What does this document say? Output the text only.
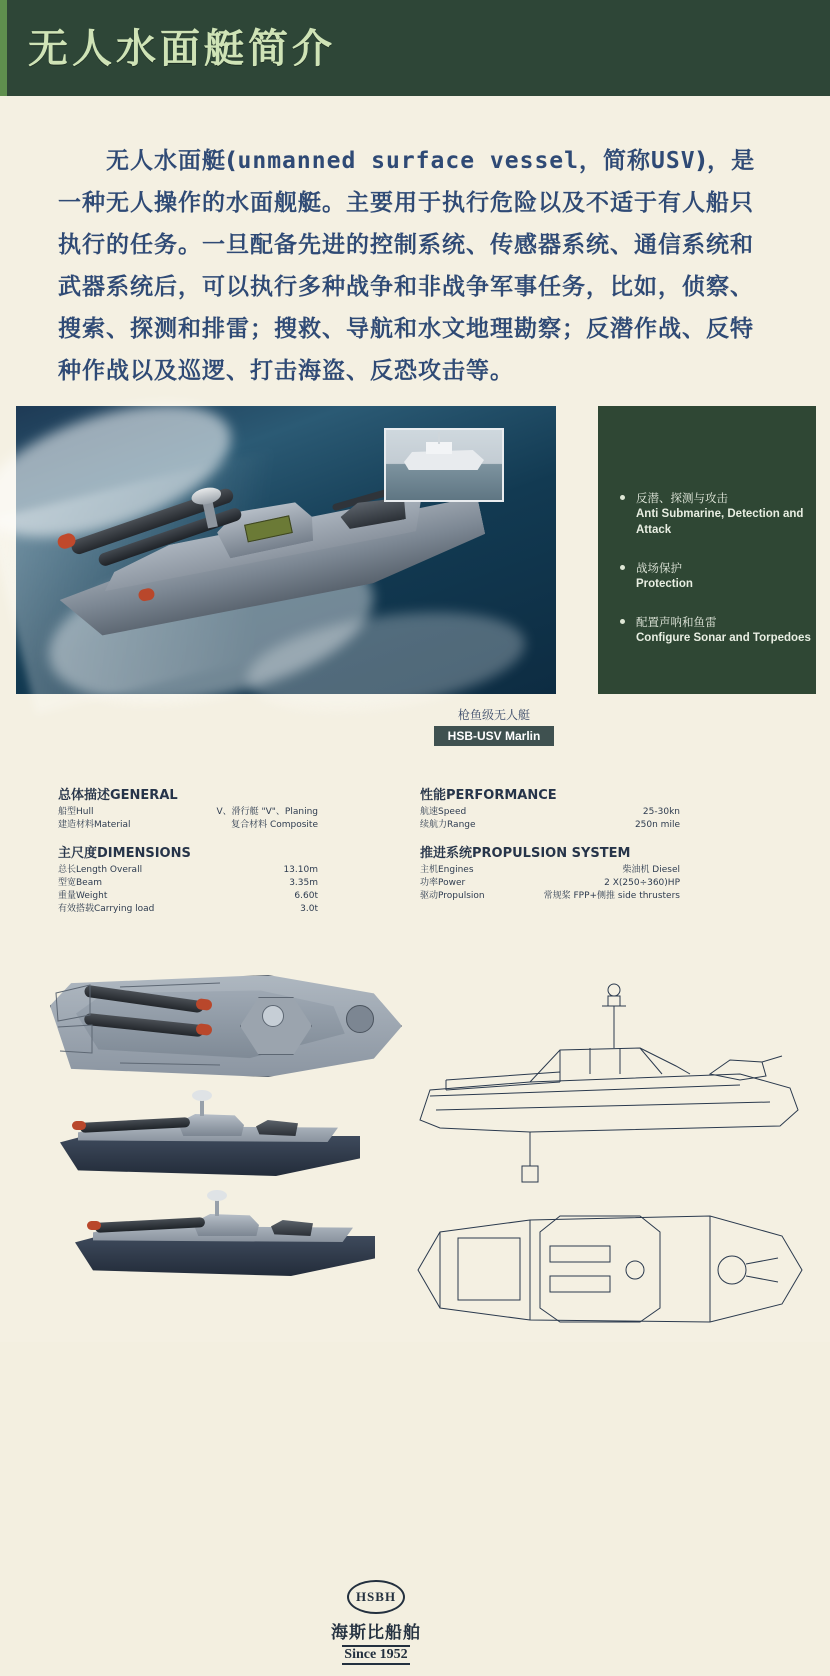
无人水面艇简介
无人水面艇(unmanned surface vessel，简称USV)，是一种无人操作的水面舰艇。主要用于执行危险以及不适于有人船只执行的任务。一旦配备先进的控制系统、传感器系统、通信系统和武器系统后，可以执行多种战争和非战争军事任务，比如，侦察、搜索、探测和排雷；搜救、导航和水文地理勘察；反潜作战、反特种作战以及巡逻、打击海盗、反恐攻击等。
枪鱼级无人艇
HSB-USV Marlin
反潜、探测与攻击
Anti Submarine, Detection and Attack
战场保护
Protection
配置声呐和鱼雷
Configure Sonar and Torpedoes
总体描述GENERAL
船型Hull	V、滑行艇 "V"、Planing
建造材料Material	复合材料 Composite
主尺度DIMENSIONS
总长Length Overall	13.10m
型宽Beam	3.35m
重量Weight	6.60t
有效搭载Carrying load	3.0t
性能PERFORMANCE
航速Speed	25-30kn
续航力Range	250n mile
推进系统PROPULSION SYSTEM
主机Engines	柴油机 Diesel
功率Power	2 X(250÷360)HP
驱动Propulsion	常规桨 FPP+侧推 side thrusters
HSBH
海斯比船舶
Since 1952
